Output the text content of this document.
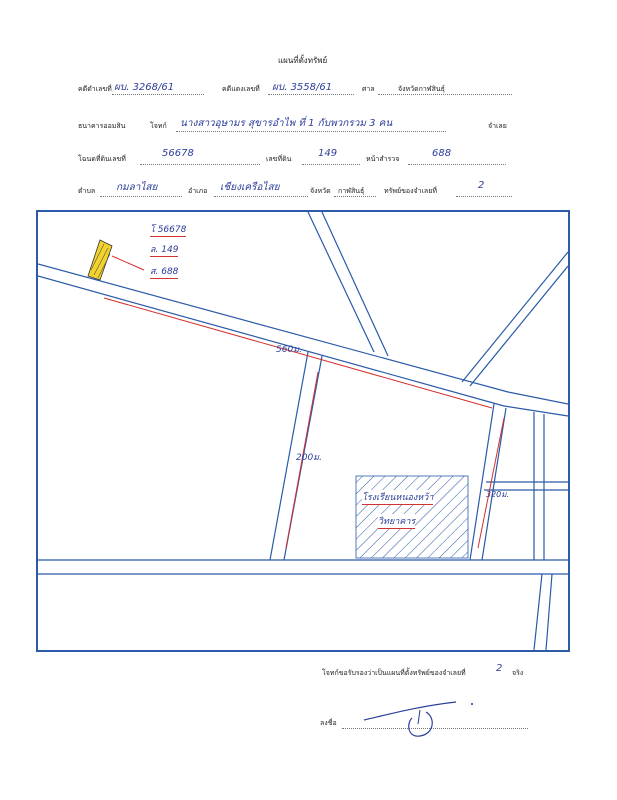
แผนที่ตั้งทรัพย์
คดีดำเลขที่ ผบ. 3268/61	คดีแดงเลขที่ ผบ. 3558/61	ศาล	จังหวัดกาฬสินธุ์
ธนาคารออมสิน	โจทก์ นางสาวอุษามร สุขารอำไพ ที่ 1 กับพวกรวม 3 คน	จำเลย
โฉนดที่ดินเลขที่	56678	เลขที่ดิน	149	หน้าสำรวจ	688
ตำบล กมลาไสย	อำเภอ เชียงเครือไสย	จังหวัด กาฬสินธุ์	ทรัพย์ของจำเลยที่	2
โ 56678
ล. 149
ส. 688
560ม.
200ม.
320ม.
โรงเรียนหนองหว้า
วิทยาคาร
โจทก์ขอรับรองว่าเป็นแผนที่ตั้งทรัพย์ของจำเลยที่	2 จริง
ลงชื่อ
